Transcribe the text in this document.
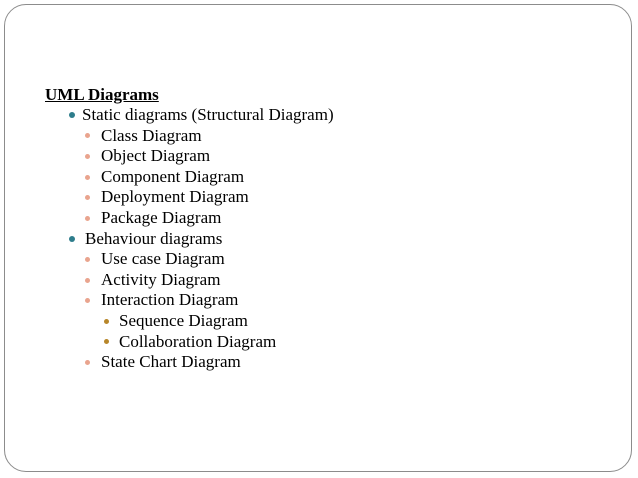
UML Diagrams
Static diagrams (Structural Diagram)
Class Diagram
Object Diagram
Component Diagram
Deployment Diagram
Package Diagram
Behaviour diagrams
Use case Diagram
Activity Diagram
Interaction Diagram
Sequence Diagram
Collaboration Diagram
State Chart Diagram
